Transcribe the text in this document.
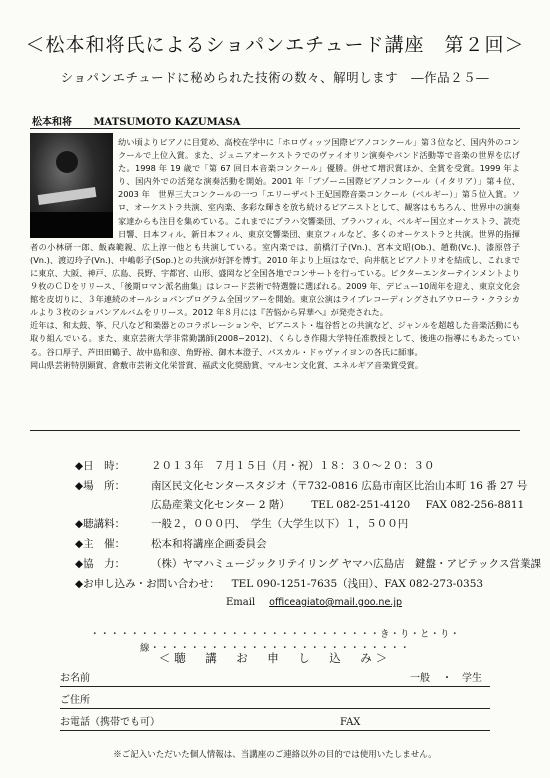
＜松本和将氏によるショパンエチュード講座　第２回＞
ショパンエチュードに秘められた技術の数々、解明します　―作品２５―
松本和将 MATSUMOTO KAZUMASA

幼い頃よりピアノに目覚め、高校在学中に「ホロヴィッツ国際ピアノコンクール」第３位など、国内外のコンクールで上位入賞。また、ジュニアオーケストラでのヴァイオリン演奏やバンド活動等で音楽の世界を広げた。1998 年 19 歳で「第 67 回日本音楽コンクール」優勝。併せて増沢賞ほか、全賞を受賞。1999 年より、国内外での活発な演奏活動を開始。2001 年「ブゾーニ国際ピアノコンクール（イタリア）」第４位、2003 年　世界三大コンクールの一つ「エリーザベト王妃国際音楽コンクール（ベルギー）」第５位入賞。ソロ、オーケストラ共演、室内楽、多彩な輝きを放ち続けるピアニストとして、観客はもちろん、世界中の演奏家達からも注目を集めている。これまでにプラハ交響楽団、ブラハフィル、ベルギー国立オーケストラ、読売日響、日本フィル、新日本フィル、東京交響楽団、東京フィルなど、多くのオーケストラと共演。世界的指揮者の小林研一郎、飯森範親、広上淳一他とも共演している。室内楽では、前橋汀子(Vn.)、宮本文昭(Ob.)、趙勒(Vc.)、漆原啓子(Vn.)、渡辺玲子(Vn.)、中嶋彰子(Sop.)との共演が好評を博す。2010 年より上垣はなで、向井航とピアノトリオを結成し、これまでに東京、大阪、神戸、広島、長野、宇都宮、山形、盛岡など全国各地でコンサートを行っている。ビクターエンターテインメントより９枚のＣＤをリリース、「後期ロマン派名曲集」はレコード芸術で特選盤に選ばれる。2009 年、デビュー10周年を迎え、東京文化会館を皮切りに、３年連続のオールショパンプログラム全国ツアーを開始。東京公演はライブレコーディングされアウローラ・クラシカルより３枚のショパンアルバムをリリース。2012 年８月には『苦悩から昇華へ』が発売された。

近年は、和太鼓、筝、尺八など和楽器とのコラボレーションや、ピアニスト・塩谷哲との共演など、ジャンルを超越した音楽活動にも取り組んでいる。また、東京芸術大学非常勤講師(2008~2012)、くらしき作陽大学特任准教授として、後進の指導にもあたっている。谷口厚子、芦田田鶴子、故中島和彦、角野裕、御木本澄子、パスカル・ドゥヴァイヨンの各氏に師事。

岡山県芸術特別顕賞、倉敷市芸術文化栄誉賞、福武文化奨励賞、マルセン文化賞、エネルギア音楽賞受賞。

◆日　時： ２０１３年　７月１５日（月・祝）１８：３０～２０：３０
◆場　所： 南区民文化センタースタジオ（〒732-0816 広島市南区比治山本町 16 番 27 号
広島産業文化センター 2 階） TEL 082-251-4120 FAX 082-256-8811
◆聴講料： 一般２，０００円、　学生（大学生以下）１，５００円
◆主　催： 松本和将講座企画委員会
◆協　力： （株）ヤマハミュージックリテイリング ヤマハ広島店　鍵盤・アピテックス営業課
◆お申し込み・お問い合わせ： TEL 090-1251-7635（浅田）、FAX 082-273-0353
Email officeagiato@mail.goo.ne.jp
・・・・・・・・・・・・・・・・・・・・・・・・・・・・・き・り・と・り・線・・・・・・・・・・・・・・・・・・・・・・・・・・
＜聴　講　お　申　し　込　み＞
お名前	一般 ・ 学生
ご住所
お電話（携帯でも可）	FAX
※ご記入いただいた個人情報は、当講座のご連絡以外の目的では使用いたしません。
